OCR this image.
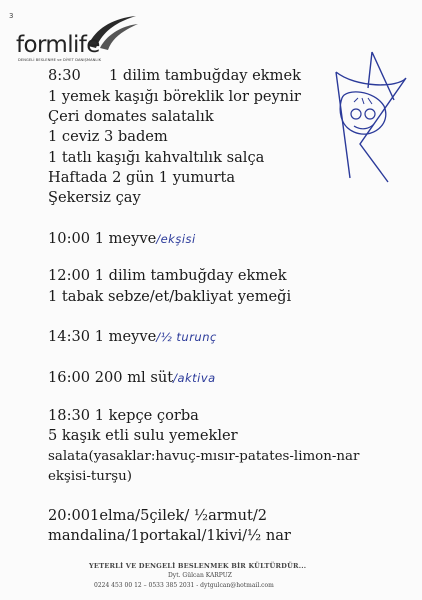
3
formlife
DENGELİ BESLENME ve DİYET DANIŞMANLIK
8:30 1 dilim tambuğday ekmek
1 yemek kaşığı böreklik lor peynir
Çeri domates salatalık
1 ceviz 3 badem
1 tatlı kaşığı kahvaltılık salça
Haftada 2 gün 1 yumurta
Şekersiz çay
10:00 1 meyve/ekşisi
12:00 1 dilim tambuğday ekmek
1 tabak sebze/et/bakliyat yemeği
14:30 1 meyve/½ turunç
16:00 200 ml süt/aktiva
18:30 1 kepçe çorba
5 kaşık etli sulu yemekler
salata(yasaklar:havuç-mısır-patates-limon-nar
ekşisi-turşu)
20:001elma/5çilek/ ½armut/2
mandalina/1portakal/1kivi/½ nar
YETERLİ VE DENGELİ BESLENMEK BİR KÜLTÜRDÜR...
Dyt. Gülcan KARPUZ
0224 453 00 12 – 0533 385 2031 - dytgulcan@hotmail.com
